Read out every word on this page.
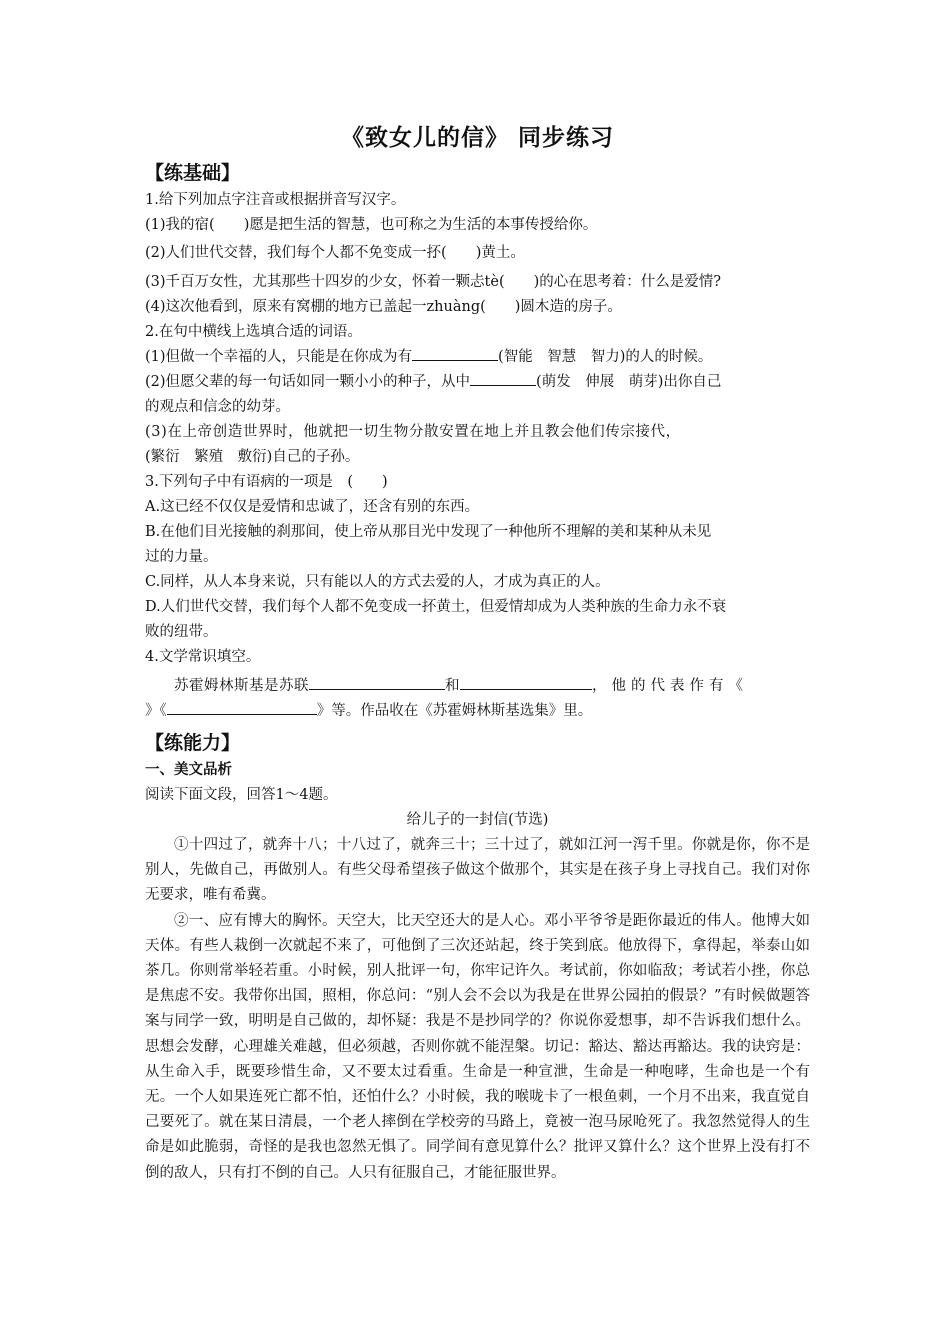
《致女儿的信》 同步练习
【练基础】
1.给下列加点字注音或根据拼音写汉字。
(1)我的宿(　　)愿是把生活的智慧，也可称之为生活的本事传授给你。
(2)人们世代交替，我们每个人都不免变成一抔(　　)黄土。
(3)千百万女性，尤其那些十四岁的少女，怀着一颗忐tè(　　)的心在思考着：什么是爱情?
(4)这次他看到，原来有窝棚的地方已盖起一zhuàng(　　)圆木造的房子。
2.在句中横线上选填合适的词语。
(1)但做一个幸福的人，只能是在你成为有	(智能　智慧　智力)的人的时候。
(2)但愿父辈的每一句话如同一颗小小的种子，从中	(萌发　伸展　萌芽)出你自己
的观点和信念的幼芽。
(3)在上帝创造世界时，他就把一切生物分散安置在地上并且教会他们传宗接代，
(繁衍　繁殖　敷衍)自己的子孙。
3.下列句子中有语病的一项是　(　　)
A.这已经不仅仅是爱情和忠诚了，还含有别的东西。
B.在他们目光接触的刹那间，使上帝从那目光中发现了一种他所不理解的美和某种从未见
过的力量。
C.同样，从人本身来说，只有能以人的方式去爱的人，才成为真正的人。
D.人们世代交替，我们每个人都不免变成一抔黄土，但爱情却成为人类种族的生命力永不衰
败的纽带。
4.文学常识填空。
苏霍姆林斯基是苏联	和	，他的代表作有《
》《	》等。作品收在《苏霍姆林斯基选集》里。
【练能力】
一、美文品析
阅读下面文段，回答1～4题。
给儿子的一封信(节选)
①十四过了，就奔十八；十八过了，就奔三十；三十过了，就如江河一泻千里。你就是你，你不是别人，先做自己，再做别人。有些父母希望孩子做这个做那个，其实是在孩子身上寻找自己。我们对你无要求，唯有希冀。
②一、应有博大的胸怀。天空大，比天空还大的是人心。邓小平爷爷是距你最近的伟人。他博大如天体。有些人栽倒一次就起不来了，可他倒了三次还站起，终于笑到底。他放得下，拿得起，举泰山如茶几。你则常举轻若重。小时候，别人批评一句，你牢记许久。考试前，你如临敌；考试若小挫，你总是焦虑不安。我带你出国，照相，你总问：“别人会不会以为我是在世界公园拍的假景？”有时候做题答案与同学一致，明明是自己做的，却怀疑：我是不是抄同学的？你说你爱想事，却不告诉我们想什么。思想会发酵，心理雄关难越，但必须越，否则你就不能涅槃。切记：豁达、豁达再豁达。我的诀窍是：从生命入手，既要珍惜生命，又不要太过看重。生命是一种宣泄，生命是一种咆哮，生命也是一个有无。一个人如果连死亡都不怕，还怕什么？小时候，我的喉咙卡了一根鱼刺，一个月不出来，我直觉自己要死了。就在某日清晨，一个老人摔倒在学校旁的马路上，竟被一泡马尿呛死了。我忽然觉得人的生命是如此脆弱，奇怪的是我也忽然无惧了。同学间有意见算什么？批评又算什么？这个世界上没有打不倒的敌人，只有打不倒的自己。人只有征服自己，才能征服世界。
